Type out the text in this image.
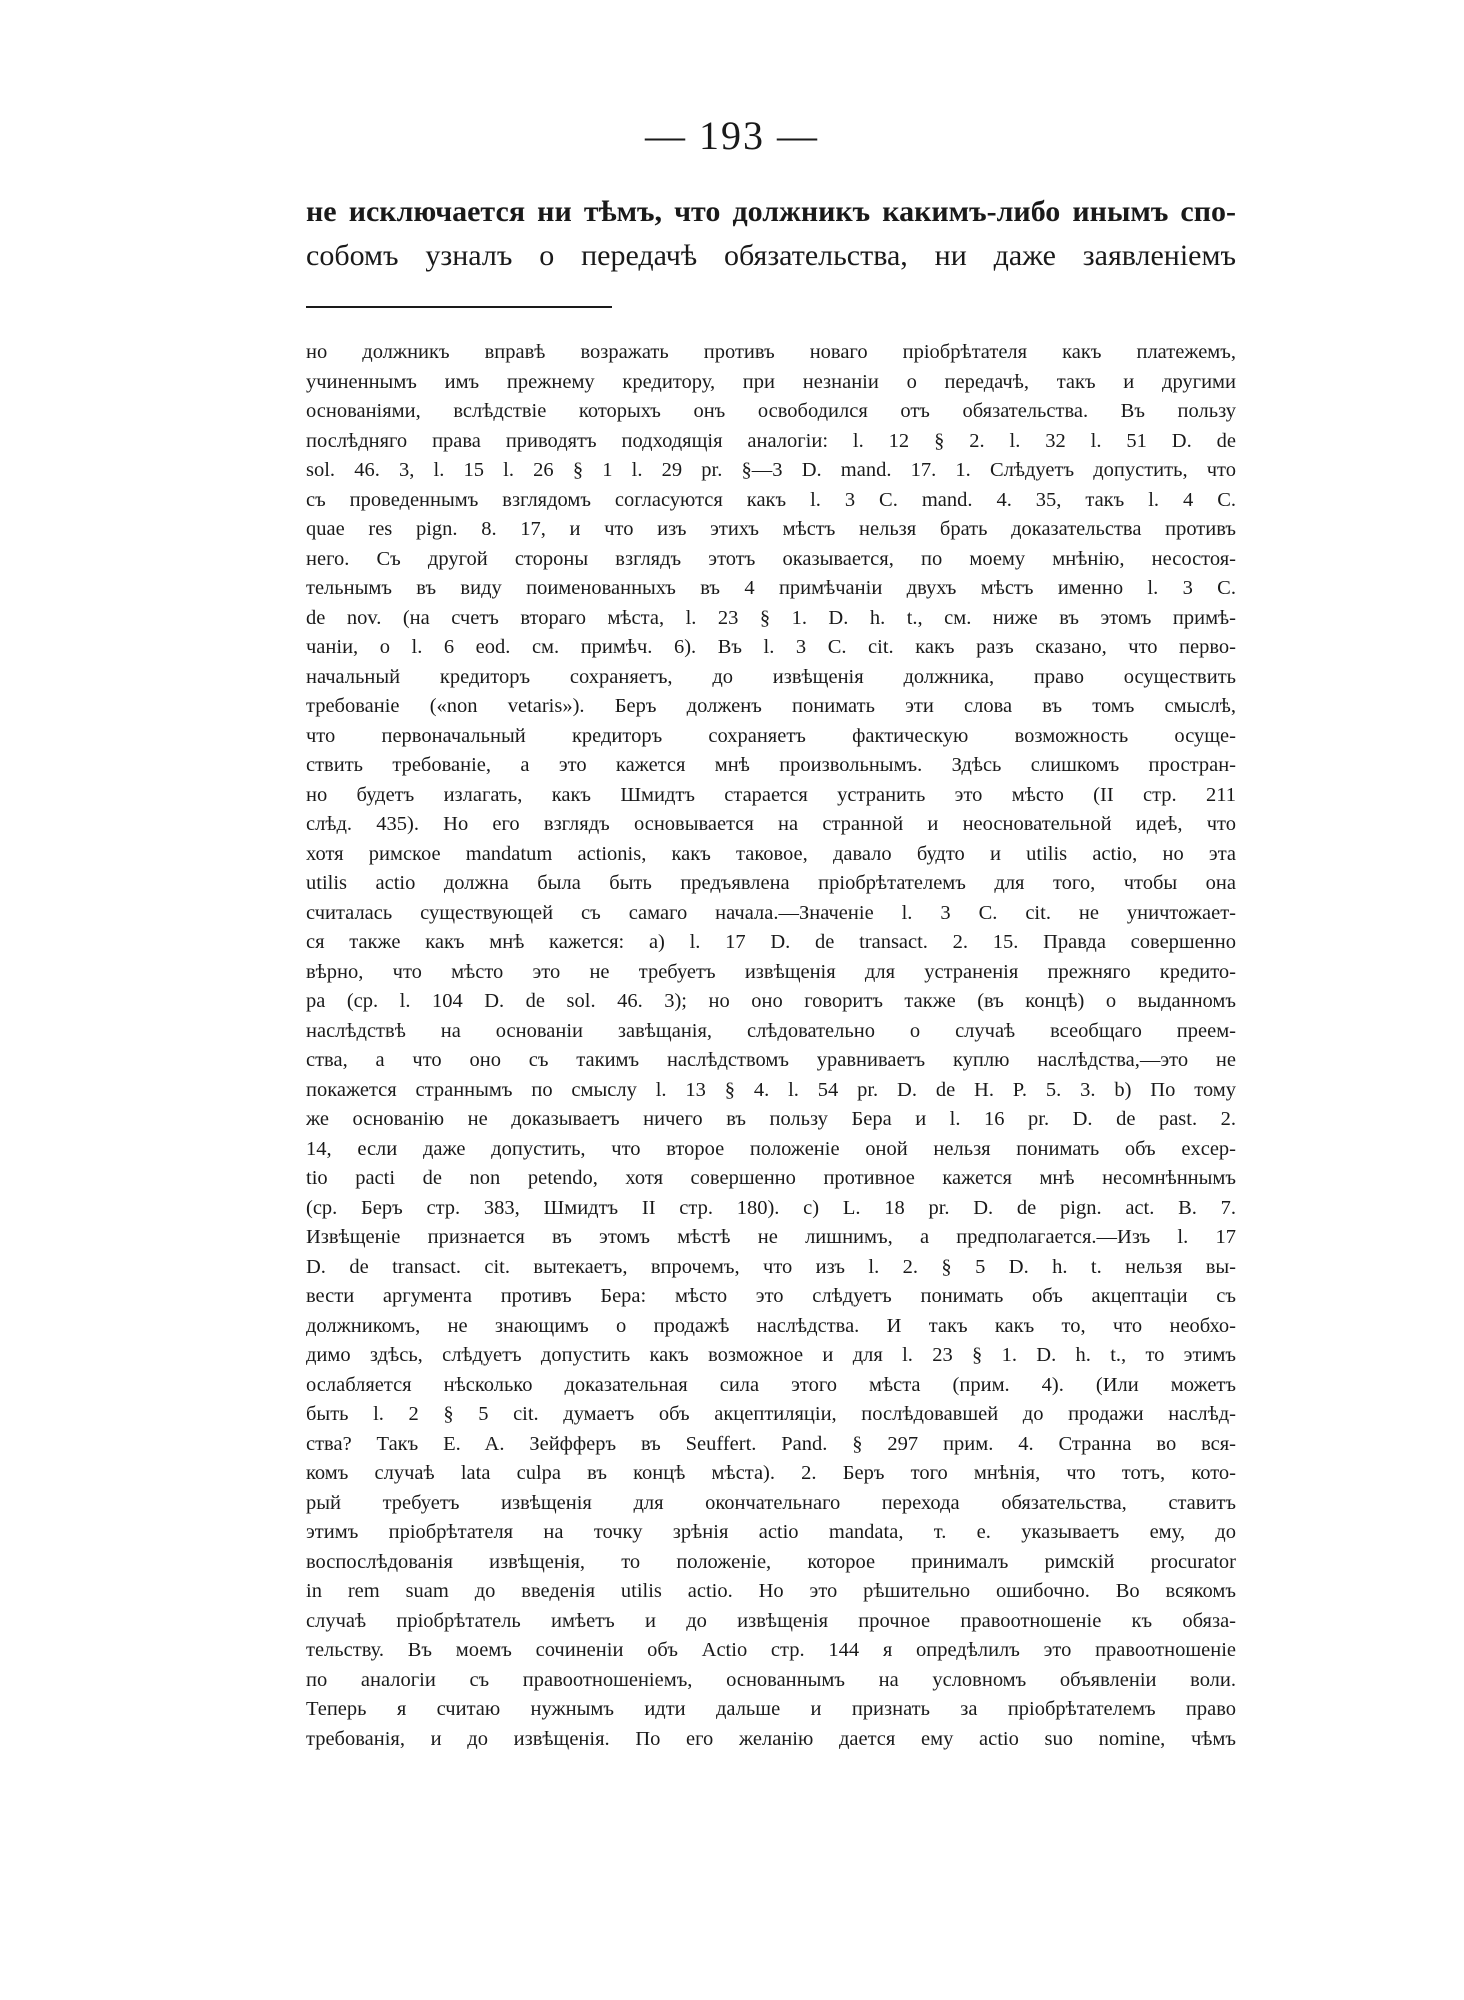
— 193 —
не исключается ни тѣмъ, что должникъ какимъ-либо инымъ спо-
собомъ узналъ о передачѣ обязательства, ни даже заявленіемъ
но должникъ вправѣ возражать противъ новаго пріобрѣтателя какъ платежемъ,
учиненнымъ имъ прежнему кредитору, при незнаніи о передачѣ, такъ и другими
основаніями, вслѣдствіе которыхъ онъ освободился отъ обязательства. Въ пользу
послѣдняго права приводятъ подходящія аналогіи: l. 12 § 2. l. 32 l. 51 D. de
sol. 46. 3, l. 15 l. 26 § 1 l. 29 pr. §—3 D. mand. 17. 1. Слѣдуетъ допустить, что
съ проведеннымъ взглядомъ согласуются какъ l. 3 C. mand. 4. 35, такъ l. 4 C.
quae res pign. 8. 17, и что изъ этихъ мѣстъ нельзя брать доказательства противъ
него. Съ другой стороны взглядъ этотъ оказывается, по моему мнѣнію, несостоя-
тельнымъ въ виду поименованныхъ въ 4 примѣчаніи двухъ мѣстъ именно l. 3 C.
de nov. (на счетъ втораго мѣста, l. 23 § 1. D. h. t., см. ниже въ этомъ примѣ-
чаніи, о l. 6 eod. см. примѣч. 6). Въ l. 3 C. cit. какъ разъ сказано, что перво-
начальный кредиторъ сохраняетъ, до извѣщенія должника, право осуществить
требованіе («non vetaris»). Беръ долженъ понимать эти слова въ томъ смыслѣ,
что первоначальный кредиторъ сохраняетъ фактическую возможность осуще-
ствить требованіе, а это кажется мнѣ произвольнымъ. Здѣсь слишкомъ простран-
но будетъ излагать, какъ Шмидтъ старается устранить это мѣсто (II стр. 211
слѣд. 435). Но его взглядъ основывается на странной и неосновательной идеѣ, что
хотя римское mandatum actionis, какъ таковое, давало будто и utilis actio, но эта
utilis actio должна была быть предъявлена пріобрѣтателемъ для того, чтобы она
считалась существующей съ самаго начала.—Значеніе l. 3 C. cit. не уничтожает-
ся также какъ мнѣ кажется: a) l. 17 D. de transact. 2. 15. Правда совершенно
вѣрно, что мѣсто это не требуетъ извѣщенія для устраненія прежняго кредито-
ра (ср. l. 104 D. de sol. 46. 3); но оно говоритъ также (въ концѣ) о выданномъ
наслѣдствѣ на основаніи завѣщанія, слѣдовательно о случаѣ всеобщаго преем-
ства, а что оно съ такимъ наслѣдствомъ уравниваетъ куплю наслѣдства,—это не
покажется страннымъ по смыслу l. 13 § 4. l. 54 pr. D. de H. P. 5. 3. b) По тому
же основанію не доказываетъ ничего въ пользу Бера и l. 16 pr. D. de past. 2.
14, если даже допустить, что второе положеніе оной нельзя понимать объ excep-
tio pacti de non petendo, хотя совершенно противное кажется мнѣ несомнѣннымъ
(ср. Беръ стр. 383, Шмидтъ II стр. 180). c) L. 18 pr. D. de pign. act. B. 7.
Извѣщеніе признается въ этомъ мѣстѣ не лишнимъ, а предполагается.—Изъ l. 17
D. de transact. cit. вытекаетъ, впрочемъ, что изъ l. 2. § 5 D. h. t. нельзя вы-
вести аргумента противъ Бера: мѣсто это слѣдуетъ понимать объ акцептаціи съ
должникомъ, не знающимъ о продажѣ наслѣдства. И такъ какъ то, что необхо-
димо здѣсь, слѣдуетъ допустить какъ возможное и для l. 23 § 1. D. h. t., то этимъ
ослабляется нѣсколько доказательная сила этого мѣста (прим. 4). (Или можетъ
быть l. 2 § 5 cit. думаетъ объ акцептиляціи, послѣдовавшей до продажи наслѣд-
ства? Такъ E. A. Зейфферъ въ Seuffert. Pand. § 297 прим. 4. Странна во вся-
комъ случаѣ lata culpa въ концѣ мѣста). 2. Беръ того мнѣнія, что тотъ, кото-
рый требуетъ извѣщенія для окончательнаго перехода обязательства, ставитъ
этимъ пріобрѣтателя на точку зрѣнія actio mandata, т. е. указываетъ ему, до
воспослѣдованія извѣщенія, то положеніе, которое принималъ римскій procurator
in rem suam до введенія utilis actio. Но это рѣшительно ошибочно. Во всякомъ
случаѣ пріобрѣтатель имѣетъ и до извѣщенія прочное правоотношеніе къ обяза-
тельству. Въ моемъ сочиненіи объ Actio стр. 144 я опредѣлилъ это правоотношеніе
по аналогіи съ правоотношеніемъ, основаннымъ на условномъ объявленіи воли.
Теперь я считаю нужнымъ идти дальше и признать за пріобрѣтателемъ право
требованія, и до извѣщенія. По его желанію дается ему actio suo nomine, чѣмъ
